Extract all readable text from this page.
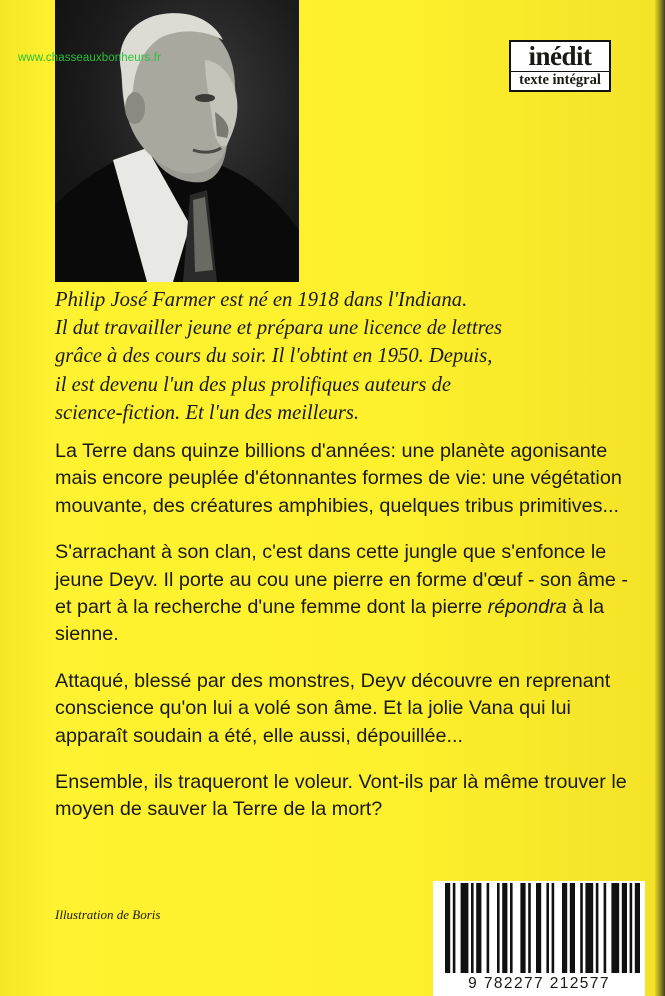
www.chasseauxbonheurs.fr	inédit
texte intégral

Philip José Farmer est né en 1918 dans l'Indiana.

Il dut travailler jeune et prépara une licence de lettres

grâce à des cours du soir. Il l'obtint en 1950. Depuis,

il est devenu l'un des plus prolifiques auteurs de

science-fiction. Et l'un des meilleurs.

La Terre dans quinze billions d'années: une planète agonisante mais encore peuplée d'étonnantes formes de vie: une végétation mouvante, des créatures amphibies, quelques tribus primitives...

S'arrachant à son clan, c'est dans cette jungle que s'enfonce le jeune Deyv. Il porte au cou une pierre en forme d'œuf - son âme - et part à la recherche d'une femme dont la pierre répondra à la sienne.

Attaqué, blessé par des monstres, Deyv découvre en reprenant conscience qu'on lui a volé son âme. Et la jolie Vana qui lui apparaît soudain a été, elle aussi, dépouillée...

Ensemble, ils traqueront le voleur. Vont-ils par là même trouver le moyen de sauver la Terre de la mort?

Illustration de Boris
9 782277 212577
